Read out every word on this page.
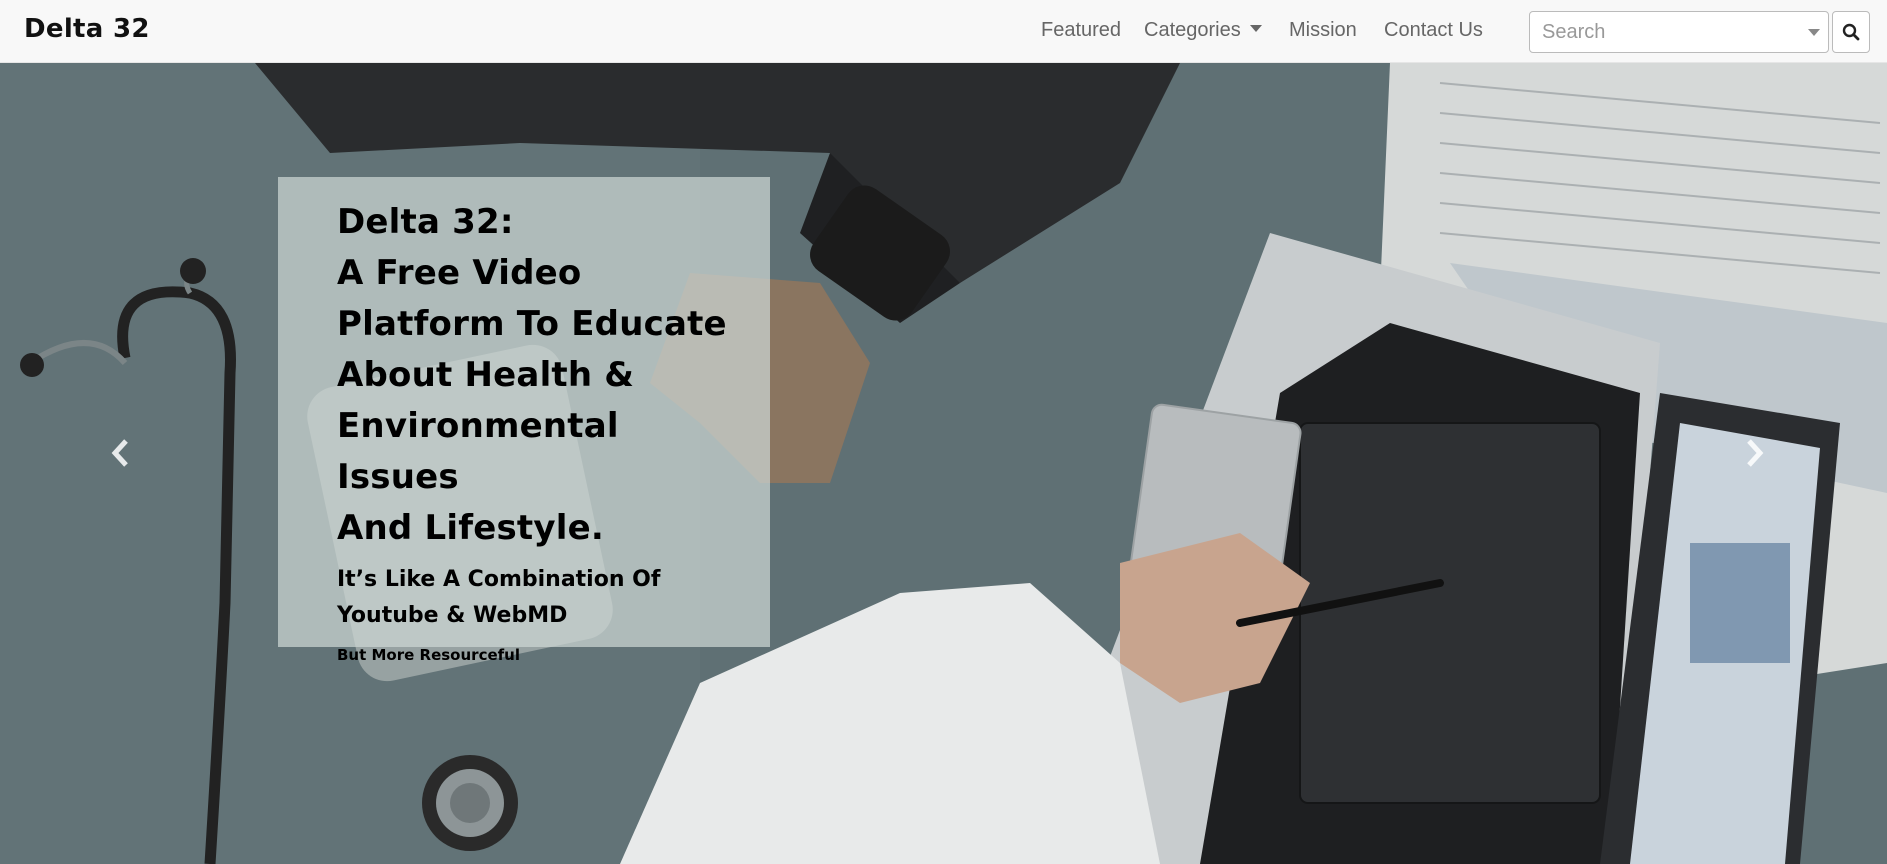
Delta 32	Featured Categories	Mission Contact Us
Search
Delta 32:
A Free Video
Platform To Educate
About Health &
Environmental Issues
And Lifestyle.
It’s Like A Combination Of
Youtube & WebMD

But More Resourceful
